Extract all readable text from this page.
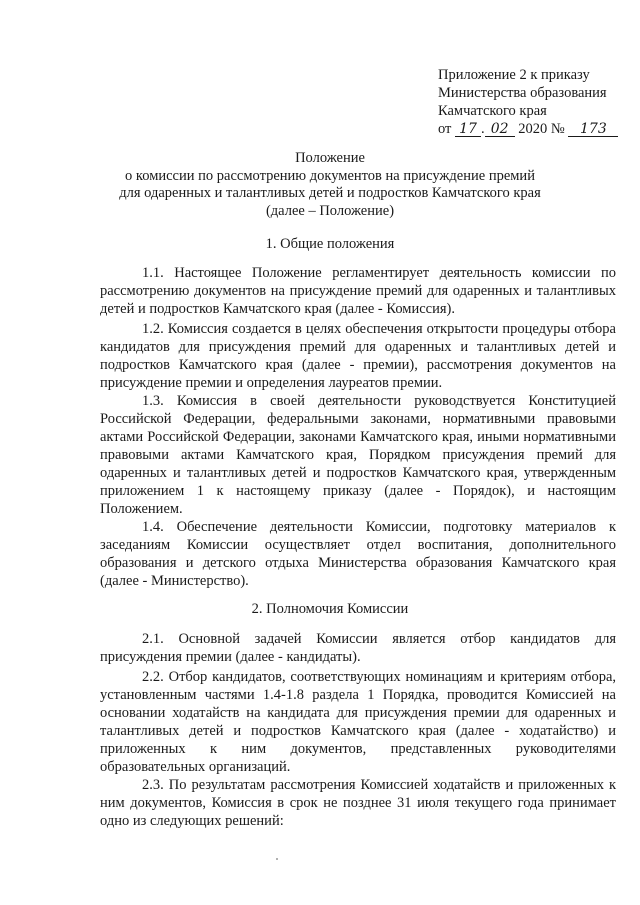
Приложение 2 к приказу
Министерства образования
Камчатского края
от 17 . 02 2020 № 173
Положение
о комиссии по рассмотрению документов на присуждение премий
для одаренных и талантливых детей и подростков Камчатского края
(далее – Положение)
1. Общие положения

1.1. Настоящее Положение регламентирует деятельность комиссии по рассмотрению документов на присуждение премий для одаренных и талантливых детей и подростков Камчатского края (далее - Комиссия).

1.2. Комиссия создается в целях обеспечения открытости процедуры отбора кандидатов для присуждения премий для одаренных и талантливых детей и подростков Камчатского края (далее - премии), рассмотрения документов на присуждение премии и определения лауреатов премии.

1.3. Комиссия в своей деятельности руководствуется Конституцией Российской Федерации, федеральными законами, нормативными правовыми актами Российской Федерации, законами Камчатского края, иными нормативными правовыми актами Камчатского края, Порядком присуждения премий для одаренных и талантливых детей и подростков Камчатского края, утвержденным приложением 1 к настоящему приказу (далее - Порядок), и настоящим Положением.

1.4. Обеспечение деятельности Комиссии, подготовку материалов к заседаниям Комиссии осуществляет отдел воспитания, дополнительного образования и детского отдыха Министерства образования Камчатского края (далее - Министерство).

2. Полномочия Комиссии

2.1. Основной задачей Комиссии является отбор кандидатов для присуждения премии (далее - кандидаты).

2.2. Отбор кандидатов, соответствующих номинациям и критериям отбора, установленным частями 1.4-1.8 раздела 1 Порядка, проводится Комиссией на основании ходатайств на кандидата для присуждения премии для одаренных и талантливых детей и подростков Камчатского края (далее - ходатайство) и приложенных к ним документов, представленных руководителями образовательных организаций.

2.3. По результатам рассмотрения Комиссией ходатайств и приложенных к ним документов, Комиссия в срок не позднее 31 июля текущего года принимает одно из следующих решений:
